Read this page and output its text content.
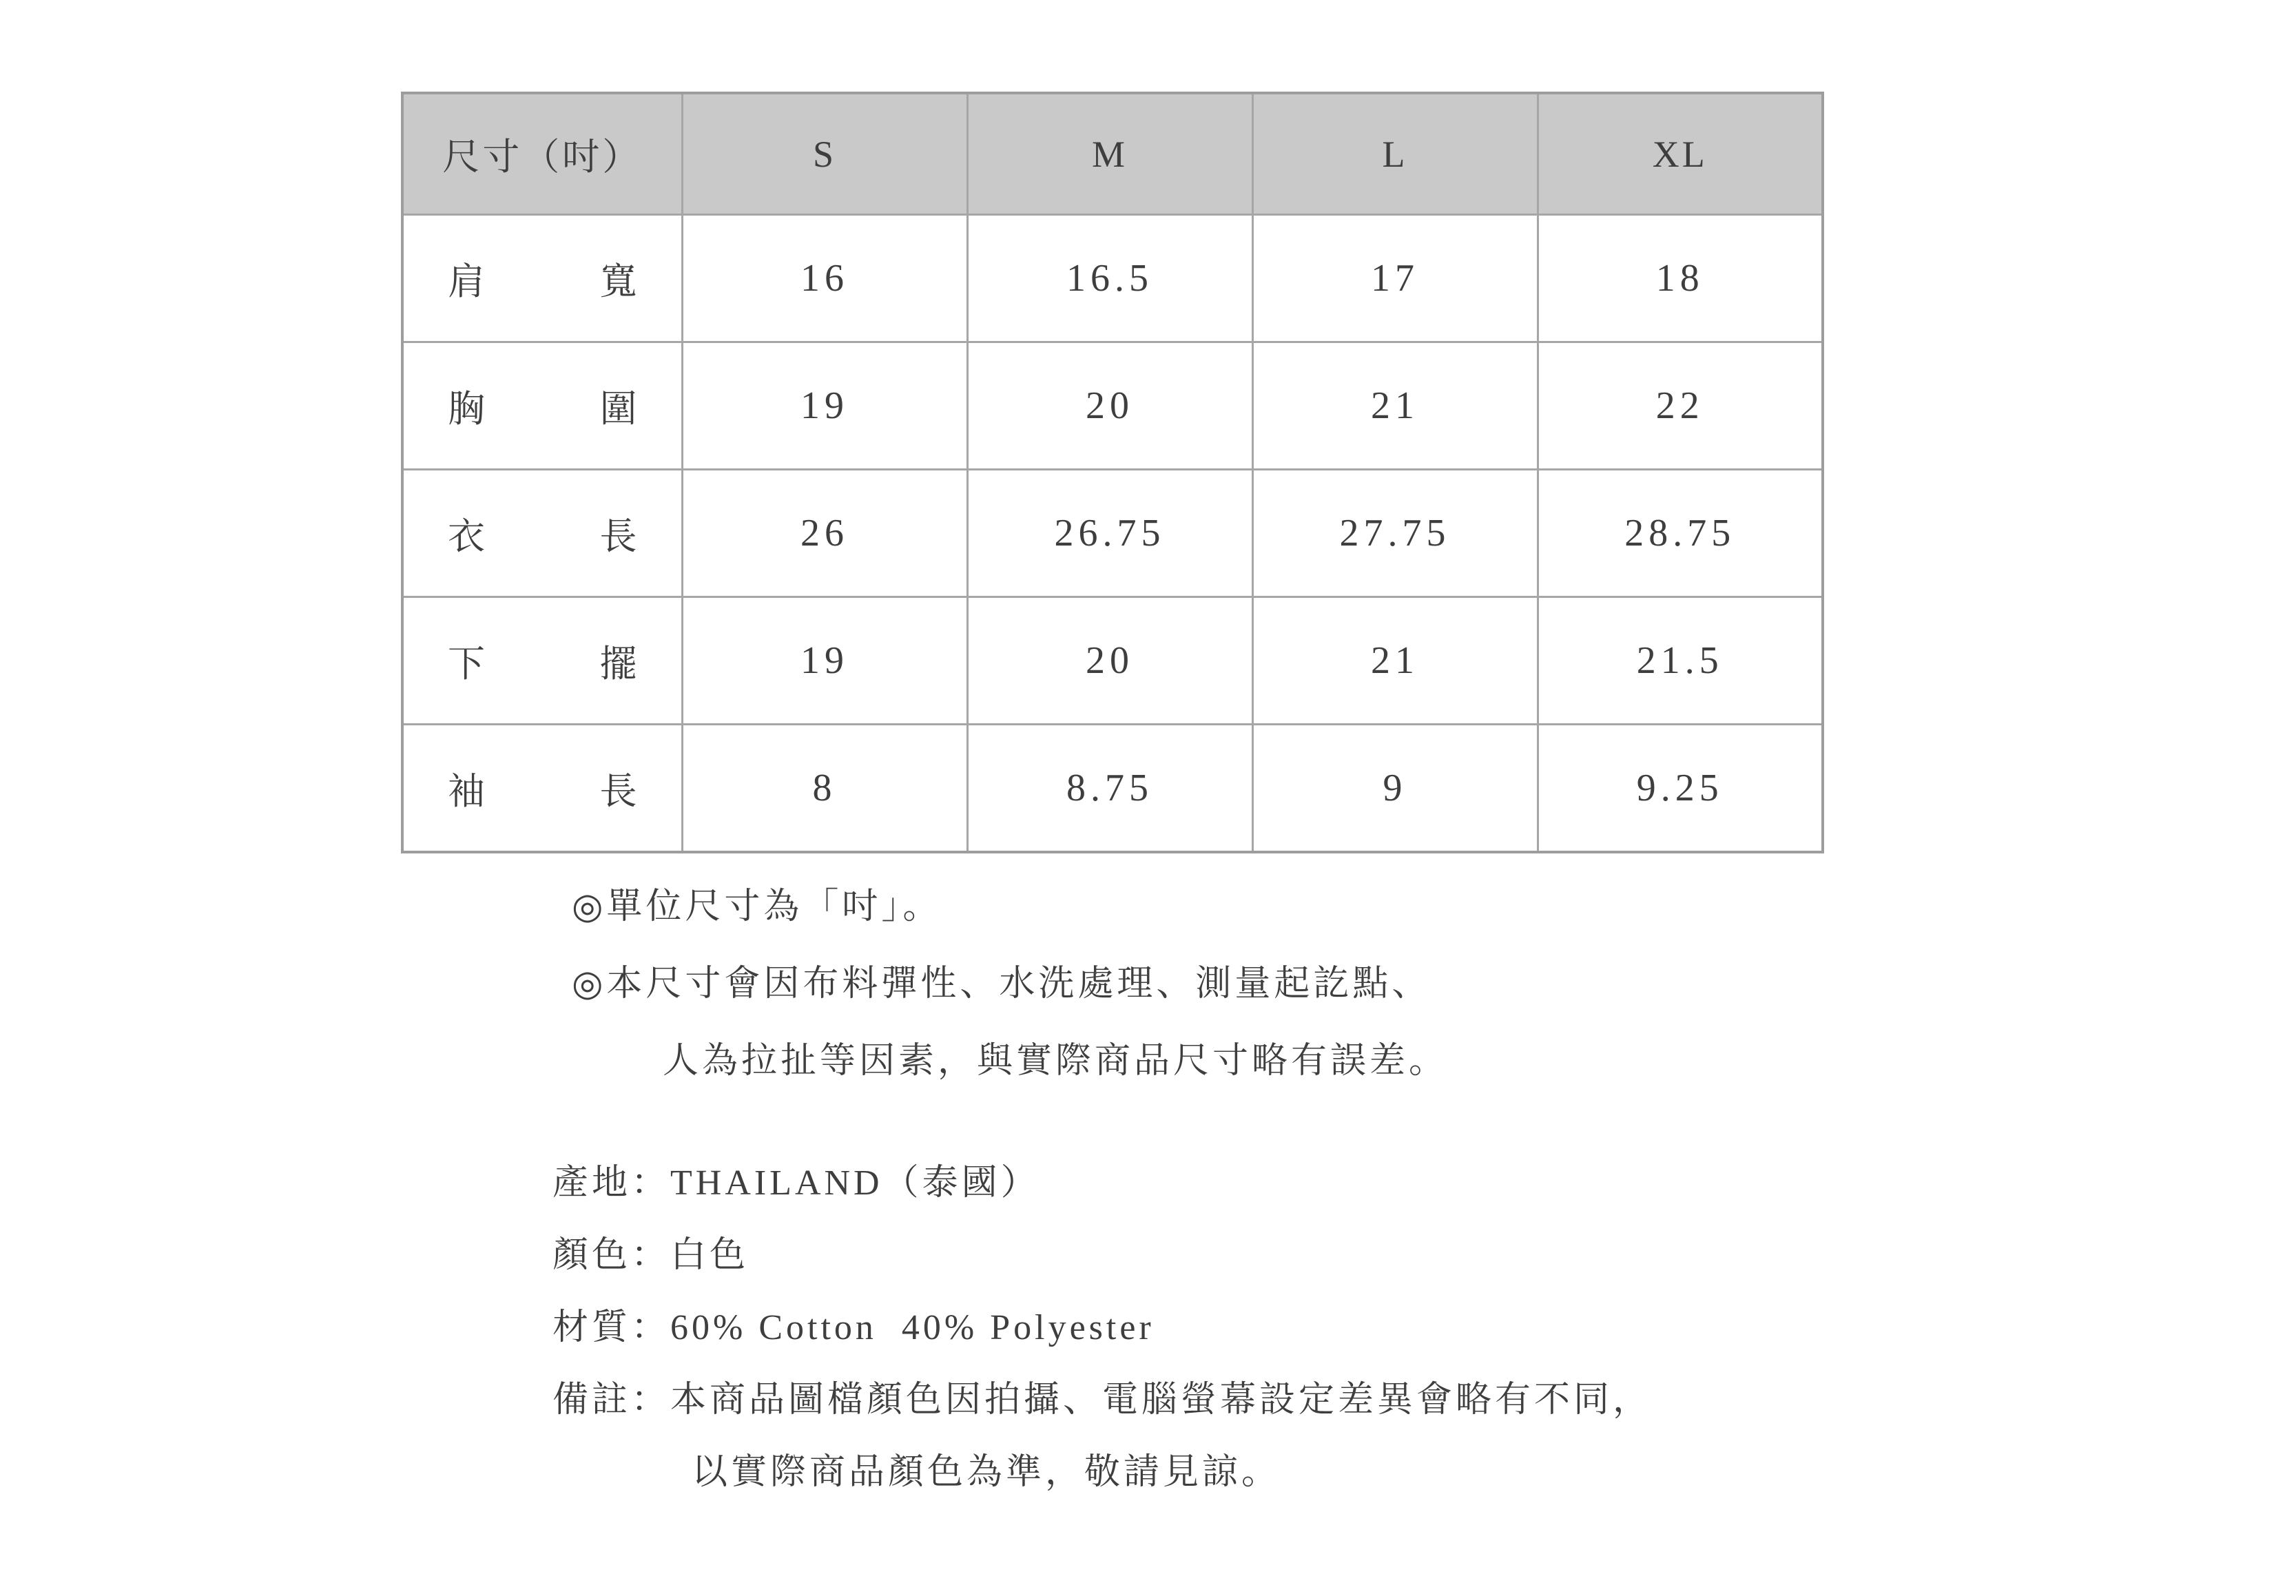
尺寸（吋）	S	M	L	XL

肩 寬	16	16.5	17	18

胸 圍	19	20	21	22

衣 長	26	26.75	27.75	28.75

下 擺	19	20	21	21.5

袖 長	8	8.75	9	9.25
◎單位尺寸為「吋」。
◎本尺寸會因布料彈性、水洗處理、測量起訖點、
人為拉扯等因素，與實際商品尺寸略有誤差。
產地：THAILAND（泰國）
顏色：白色
材質：60% Cotton  40% Polyester
備註：本商品圖檔顏色因拍攝、電腦螢幕設定差異會略有不同，
以實際商品顏色為準，敬請見諒。
